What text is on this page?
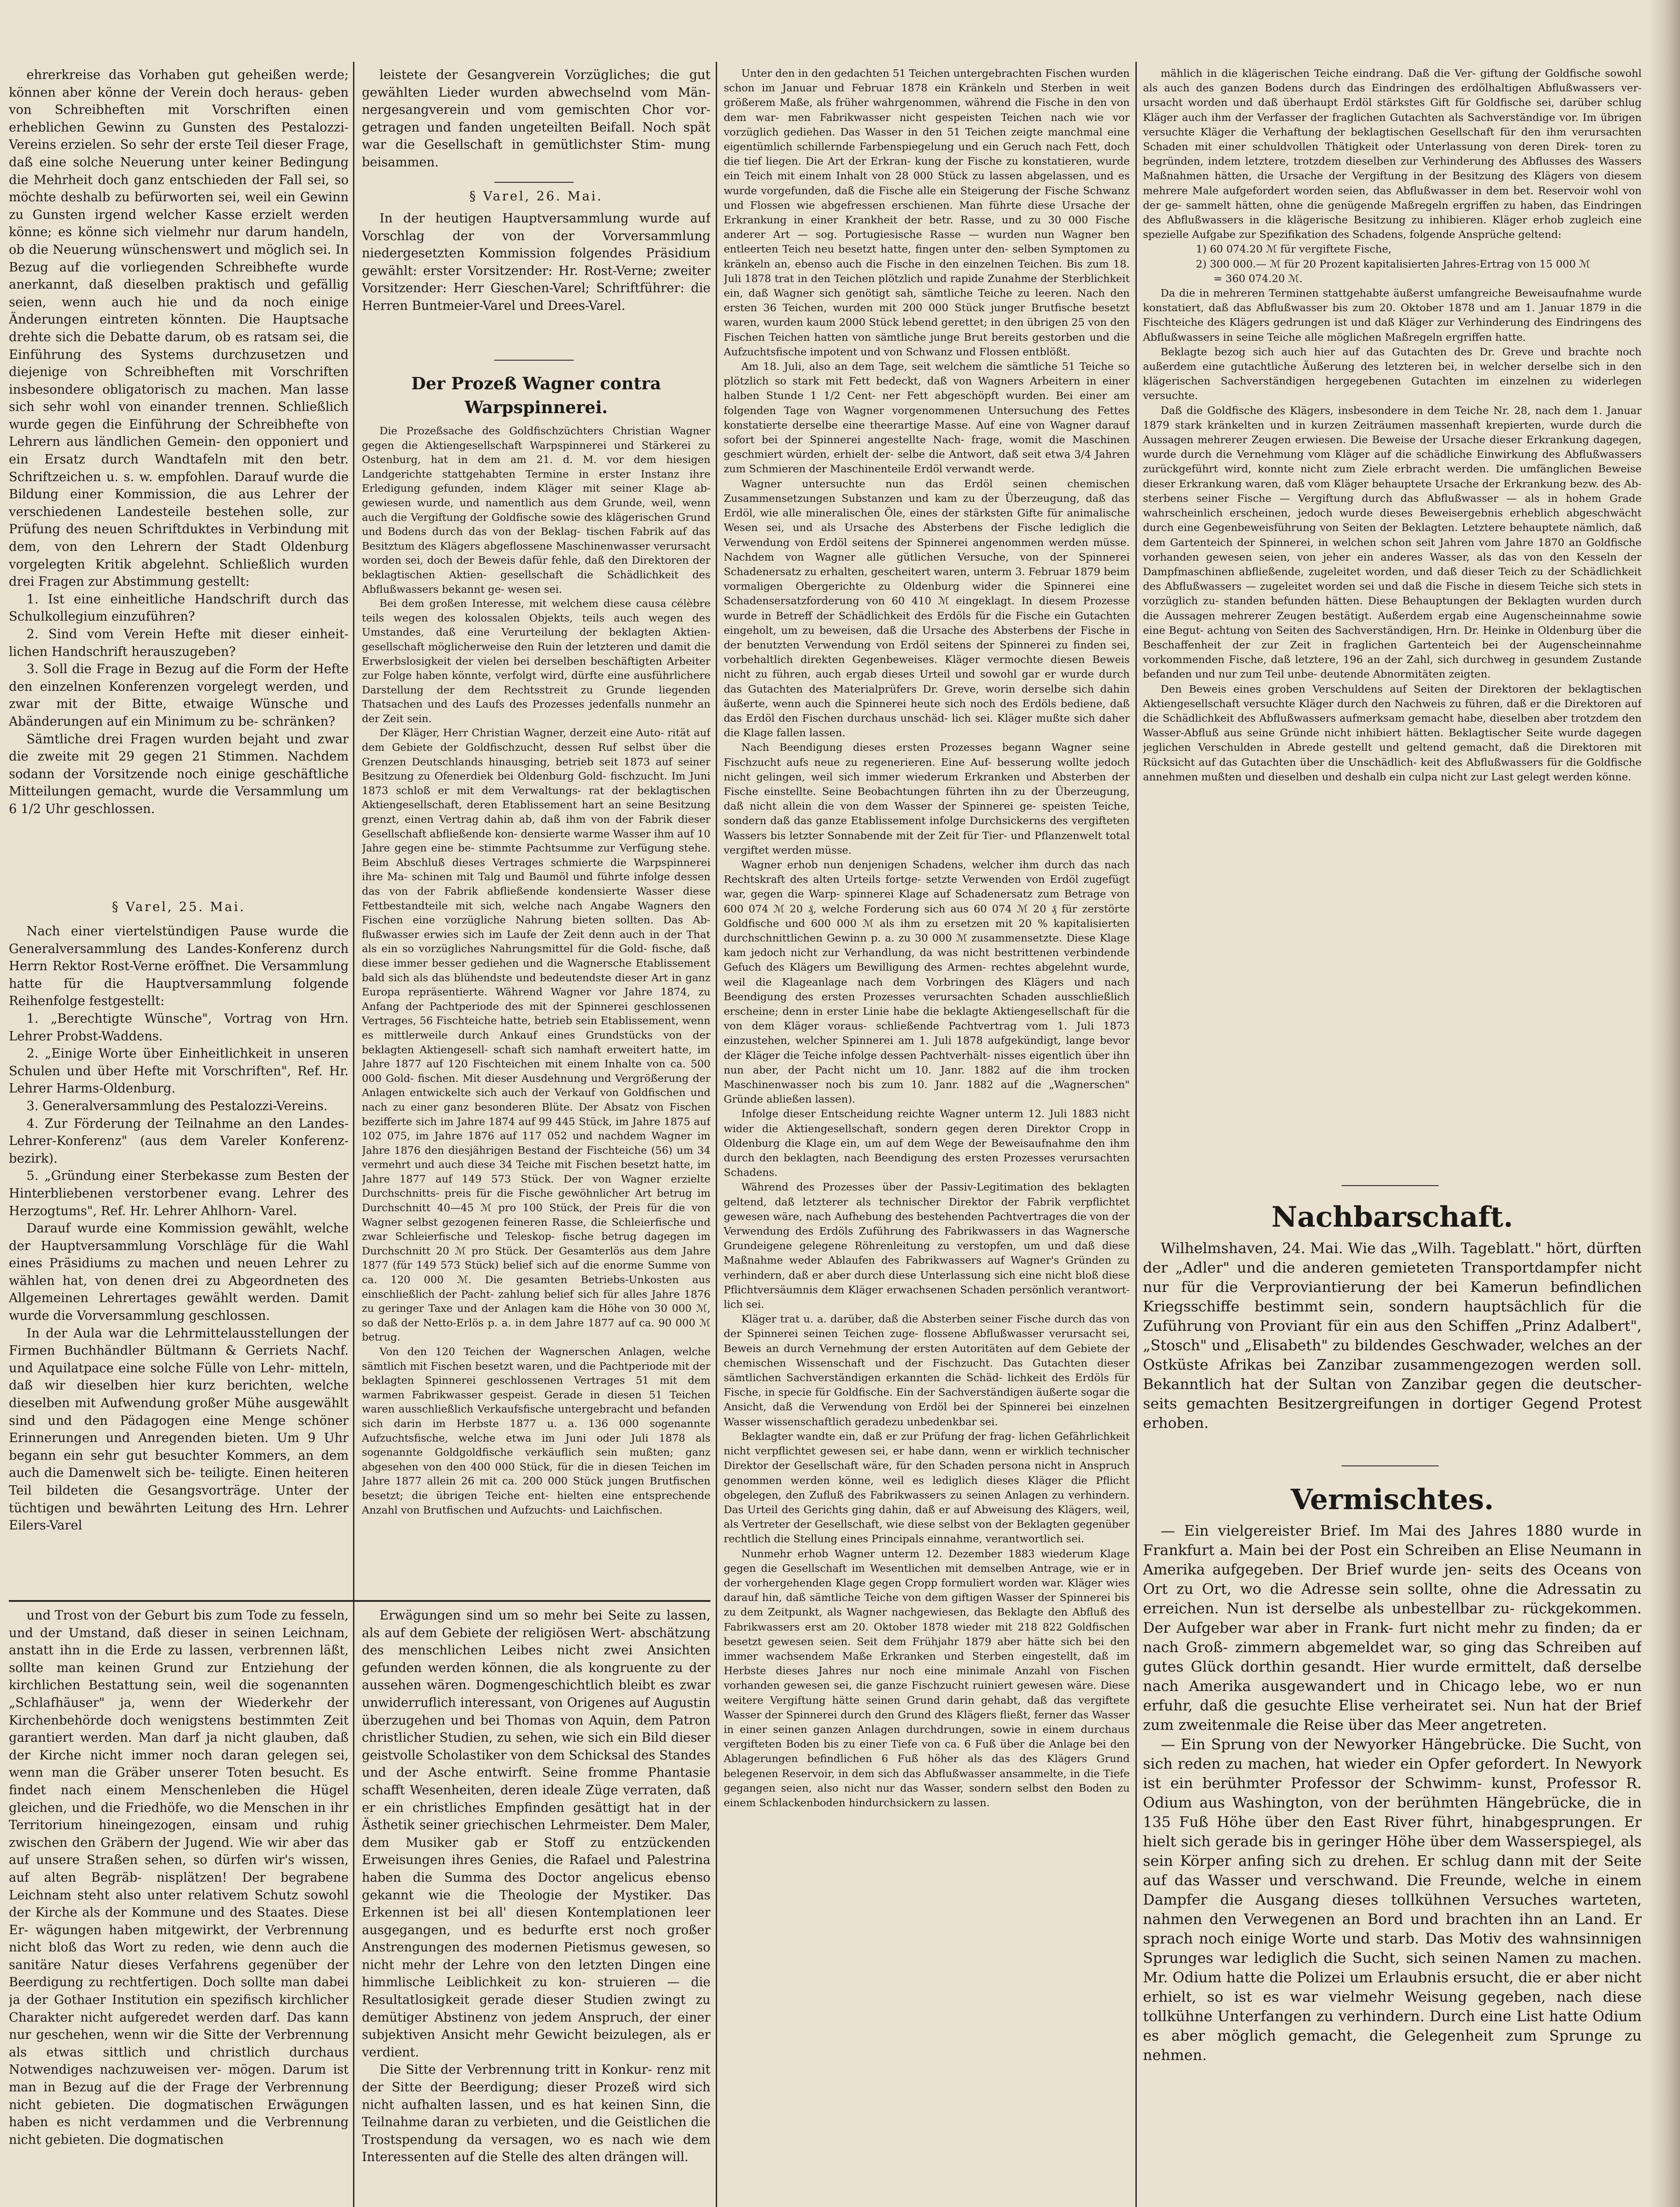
ehrerkreise das Vorhaben gut geheißen werde; können aber könne der Verein doch heraus- geben von Schreibheften mit Vorschriften einen erheblichen Gewinn zu Gunsten des Pestalozzi- Vereins erzielen. So sehr der erste Teil dieser Frage, daß eine solche Neuerung unter keiner Bedingung die Mehrheit doch ganz entschieden der Fall sei, so möchte deshalb zu befürworten sei, weil ein Gewinn zu Gunsten irgend welcher Kasse erzielt werden könne; es könne sich vielmehr nur darum handeln, ob die Neuerung wünschenswert und möglich sei. In Bezug auf die vorliegenden Schreibhefte wurde anerkannt, daß dieselben praktisch und gefällig seien, wenn auch hie und da noch einige Änderungen eintreten könnten. Die Hauptsache drehte sich die Debatte darum, ob es ratsam sei, die Einführung des Systems durchzusetzen und diejenige von Schreibheften mit Vorschriften insbesondere obligatorisch zu machen. Man lasse sich sehr wohl von einander trennen. Schließlich wurde gegen die Einführung der Schreibhefte von Lehrern aus ländlichen Gemein- den opponiert und ein Ersatz durch Wandtafeln mit den betr. Schriftzeichen u. s. w. empfohlen. Darauf wurde die Bildung einer Kommission, die aus Lehrer der verschiedenen Landesteile bestehen solle, zur Prüfung des neuen Schriftduktes in Verbindung mit dem, von den Lehrern der Stadt Oldenburg vorgelegten Kritik abgelehnt. Schließlich wurden drei Fragen zur Abstimmung gestellt:

1. Ist eine einheitliche Handschrift durch das Schulkollegium einzuführen?

2. Sind vom Verein Hefte mit dieser einheit- lichen Handschrift herauszugeben?

3. Soll die Frage in Bezug auf die Form der Hefte den einzelnen Konferenzen vorgelegt werden, und zwar mit der Bitte, etwaige Wünsche und Abänderungen auf ein Minimum zu be- schränken?

Sämtliche drei Fragen wurden bejaht und zwar die zweite mit 29 gegen 21 Stimmen. Nachdem sodann der Vorsitzende noch einige geschäftliche Mitteilungen gemacht, wurde die Versammlung um 6 1/2 Uhr geschlossen.

§ Varel, 25. Mai.

Nach einer viertelstündigen Pause wurde die Generalversammlung des Landes-Konferenz durch Herrn Rektor Rost-Verne eröffnet. Die Versammlung hatte für die Hauptversammlung folgende Reihenfolge festgestellt:

1. „Berechtigte Wünsche", Vortrag von Hrn. Lehrer Probst-Waddens.

2. „Einige Worte über Einheitlichkeit in unseren Schulen und über Hefte mit Vorschriften", Ref. Hr. Lehrer Harms-Oldenburg.

3. Generalversammlung des Pestalozzi-Vereins.

4. Zur Förderung der Teilnahme an den Landes- Lehrer-Konferenz" (aus dem Vareler Konferenz- bezirk).

5. „Gründung einer Sterbekasse zum Besten der Hinterbliebenen verstorbener evang. Lehrer des Herzogtums", Ref. Hr. Lehrer Ahlhorn- Varel.

Darauf wurde eine Kommission gewählt, welche der Hauptversammlung Vorschläge für die Wahl eines Präsidiums zu machen und neuen Lehrer zu wählen hat, von denen drei zu Abgeordneten des Allgemeinen Lehrertages gewählt werden. Damit wurde die Vorversammlung geschlossen.

In der Aula war die Lehrmittelausstellungen der Firmen Buchhändler Bültmann & Gerriets Nachf. und Aquilatpace eine solche Fülle von Lehr- mitteln, daß wir dieselben hier kurz berichten, welche dieselben mit Aufwendung großer Mühe ausgewählt sind und den Pädagogen eine Menge schöner Erinnerungen und Anregenden bieten. Um 9 Uhr begann ein sehr gut besuchter Kommers, an dem auch die Damenwelt sich be- teiligte. Einen heiteren Teil bildeten die Gesangsvorträge. Unter der tüchtigen und bewährten Leitung des Hrn. Lehrer Eilers-Varel

und Trost von der Geburt bis zum Tode zu fesseln, und der Umstand, daß dieser in seinen Leichnam, anstatt ihn in die Erde zu lassen, verbrennen läßt, sollte man keinen Grund zur Entziehung der kirchlichen Bestattung sein, weil die sogenannten „Schlafhäuser" ja, wenn der Wiederkehr der Kirchenbehörde doch wenigstens bestimmten Zeit garantiert werden. Man darf ja nicht glauben, daß der Kirche nicht immer noch daran gelegen sei, wenn man die Gräber unserer Toten besucht. Es findet nach einem Menschenleben die Hügel gleichen, und die Friedhöfe, wo die Menschen in ihr Territorium hineingezogen, einsam und ruhig zwischen den Gräbern der Jugend. Wie wir aber das auf unsere Straßen sehen, so dürfen wir's wissen, auf alten Begräb- nisplätzen! Der begrabene Leichnam steht also unter relativem Schutz sowohl der Kirche als der Kommune und des Staates. Diese Er- wägungen haben mitgewirkt, der Verbrennung nicht bloß das Wort zu reden, wie denn auch die sanitäre Natur dieses Verfahrens gegenüber der Beerdigung zu rechtfertigen. Doch sollte man dabei ja der Gothaer Institution ein spezifisch kirchlicher Charakter nicht aufgeredet werden darf. Das kann nur geschehen, wenn wir die Sitte der Verbrennung als etwas sittlich und christlich durchaus Notwendiges nachzuweisen ver- mögen. Darum ist man in Bezug auf die der Frage der Verbrennung nicht gebieten. Die dogmatischen Erwägungen haben es nicht verdammen und die Verbrennung nicht gebieten. Die dogmatischen

leistete der Gesangverein Vorzügliches; die gut gewählten Lieder wurden abwechselnd vom Män- nergesangverein und vom gemischten Chor vor- getragen und fanden ungeteilten Beifall. Noch spät war die Gesellschaft in gemütlichster Stim- mung beisammen.

§ Varel, 26. Mai.

In der heutigen Hauptversammlung wurde auf Vorschlag der von der Vorversammlung niedergesetzten Kommission folgendes Präsidium gewählt: erster Vorsitzender: Hr. Rost-Verne; zweiter Vorsitzender: Herr Gieschen-Varel; Schriftführer: die Herren Buntmeier-Varel und Drees-Varel.

Der Prozeß Wagner contra Warpspinnerei.

Die Prozeßsache des Goldfischzüchters Christian Wagner gegen die Aktiengesellschaft Warpspinnerei und Stärkerei zu Ostenburg, hat in dem am 21. d. M. vor dem hiesigen Landgerichte stattgehabten Termine in erster Instanz ihre Erledigung gefunden, indem Kläger mit seiner Klage ab- gewiesen wurde, und namentlich aus dem Grunde, weil, wenn auch die Vergiftung der Goldfische sowie des klägerischen Grund und Bodens durch das von der Beklag- tischen Fabrik auf das Besitztum des Klägers abgeflossene Maschinenwasser verursacht worden sei, doch der Beweis dafür fehle, daß den Direktoren der beklagtischen Aktien- gesellschaft die Schädlichkeit des Abflußwassers bekannt ge- wesen sei.

Bei dem großen Interesse, mit welchem diese causa célèbre teils wegen des kolossalen Objekts, teils auch wegen des Umstandes, daß eine Verurteilung der beklagten Aktien- gesellschaft möglicherweise den Ruin der letzteren und damit die Erwerbslosigkeit der vielen bei derselben beschäftigten Arbeiter zur Folge haben könnte, verfolgt wird, dürfte eine ausführlichere Darstellung der dem Rechtsstreit zu Grunde liegenden Thatsachen und des Laufs des Prozesses jedenfalls nunmehr an der Zeit sein.

Der Kläger, Herr Christian Wagner, derzeit eine Auto- rität auf dem Gebiete der Goldfischzucht, dessen Ruf selbst über die Grenzen Deutschlands hinausging, betrieb seit 1873 auf seiner Besitzung zu Ofenerdiek bei Oldenburg Gold- fischzucht. Im Juni 1873 schloß er mit dem Verwaltungs- rat der beklagtischen Aktiengesellschaft, deren Etablissement hart an seine Besitzung grenzt, einen Vertrag dahin ab, daß ihm von der Fabrik dieser Gesellschaft abfließende kon- densierte warme Wasser ihm auf 10 Jahre gegen eine be- stimmte Pachtsumme zur Verfügung stehe. Beim Abschluß dieses Vertrages schmierte die Warpspinnerei ihre Ma- schinen mit Talg und Baumöl und führte infolge dessen das von der Fabrik abfließende kondensierte Wasser diese Fettbestandteile mit sich, welche nach Angabe Wagners den Fischen eine vorzügliche Nahrung bieten sollten. Das Ab- flußwasser erwies sich im Laufe der Zeit denn auch in der That als ein so vorzügliches Nahrungsmittel für die Gold- fische, daß diese immer besser gediehen und die Wagnersche Etablissement bald sich als das blühendste und bedeutendste dieser Art in ganz Europa repräsentierte. Während Wagner vor Jahre 1874, zu Anfang der Pachtperiode des mit der Spinnerei geschlossenen Vertrages, 56 Fischteiche hatte, betrieb sein Etablissement, wenn es mittlerweile durch Ankauf eines Grundstücks von der beklagten Aktiengesell- schaft sich namhaft erweitert hatte, im Jahre 1877 auf 120 Fischteichen mit einem Inhalte von ca. 500 000 Gold- fischen. Mit dieser Ausdehnung und Vergrößerung der Anlagen entwickelte sich auch der Verkauf von Goldfischen und nach zu einer ganz besonderen Blüte. Der Absatz von Fischen bezifferte sich im Jahre 1874 auf 99 445 Stück, im Jahre 1875 auf 102 075, im Jahre 1876 auf 117 052 und nachdem Wagner im Jahre 1876 den diesjährigen Bestand der Fischteiche (56) um 34 vermehrt und auch diese 34 Teiche mit Fischen besetzt hatte, im Jahre 1877 auf 149 573 Stück. Der von Wagner erzielte Durchschnitts- preis für die Fische gewöhnlicher Art betrug im Durchschnitt 40—45 ℳ pro 100 Stück, der Preis für die von Wagner selbst gezogenen feineren Rasse, die Schleierfische und zwar Schleierfische und Teleskop- fische betrug dagegen im Durchschnitt 20 ℳ pro Stück. Der Gesamterlös aus dem Jahre 1877 (für 149 573 Stück) belief sich auf die enorme Summe von ca. 120 000 ℳ. Die gesamten Betriebs-Unkosten aus einschließlich der Pacht- zahlung belief sich für alles Jahre 1876 zu geringer Taxe und der Anlagen kam die Höhe von 30 000 ℳ, so daß der Netto-Erlös p. a. in dem Jahre 1877 auf ca. 90 000 ℳ betrug.

Von den 120 Teichen der Wagnerschen Anlagen, welche sämtlich mit Fischen besetzt waren, und die Pachtperiode mit der beklagten Spinnerei geschlossenen Vertrages 51 mit dem warmen Fabrikwasser gespeist. Gerade in diesen 51 Teichen waren ausschließlich Verkaufsfische untergebracht und befanden sich darin im Herbste 1877 u. a. 136 000 sogenannte Aufzuchtsfische, welche etwa im Juni oder Juli 1878 als sogenannte Goldgoldfische verkäuflich sein mußten; ganz abgesehen von den 400 000 Stück, für die in diesen Teichen im Jahre 1877 allein 26 mit ca. 200 000 Stück jungen Brutfischen besetzt; die übrigen Teiche ent- hielten eine entsprechende Anzahl von Brutfischen und Aufzuchts- und Laichfischen.

Erwägungen sind um so mehr bei Seite zu lassen, als auf dem Gebiete der religiösen Wert- abschätzung des menschlichen Leibes nicht zwei Ansichten gefunden werden können, die als kongruente zu der aussehen wären. Dogmengeschichtlich bleibt es zwar unwiderruflich interessant, von Origenes auf Augustin überzugehen und bei Thomas von Aquin, dem Patron christlicher Studien, zu sehen, wie sich ein Bild dieser geistvolle Scholastiker von dem Schicksal des Standes und der Asche entwirft. Seine fromme Phantasie schafft Wesenheiten, deren ideale Züge verraten, daß er ein christliches Empfinden gesättigt hat in der Ästhetik seiner griechischen Lehrmeister. Dem Maler, dem Musiker gab er Stoff zu entzückenden Erweisungen ihres Genies, die Rafael und Palestrina haben die Summa des Doctor angelicus ebenso gekannt wie die Theologie der Mystiker. Das Erkennen ist bei all' diesen Kontemplationen leer ausgegangen, und es bedurfte erst noch großer Anstrengungen des modernen Pietismus gewesen, so nicht mehr der Lehre von den letzten Dingen eine himmlische Leiblichkeit zu kon- struieren — die Resultatlosigkeit gerade dieser Studien zwingt zu demütiger Abstinenz von jedem Anspruch, der einer subjektiven Ansicht mehr Gewicht beizulegen, als er verdient.

Die Sitte der Verbrennung tritt in Konkur- renz mit der Sitte der Beerdigung; dieser Prozeß wird sich nicht aufhalten lassen, und es hat keinen Sinn, die Teilnahme daran zu verbieten, und die Geistlichen die Trostspendung da versagen, wo es nach wie dem Interessenten auf die Stelle des alten drängen will.

Unter den in den gedachten 51 Teichen untergebrachten Fischen wurden schon im Januar und Februar 1878 ein Kränkeln und Sterben in weit größerem Maße, als früher wahrgenommen, während die Fische in den von dem war- men Fabrikwasser nicht gespeisten Teichen nach wie vor vorzüglich gediehen. Das Wasser in den 51 Teichen zeigte manchmal eine eigentümlich schillernde Farbenspiegelung und ein Geruch nach Fett, doch die tief liegen. Die Art der Erkran- kung der Fische zu konstatieren, wurde ein Teich mit einem Inhalt von 28 000 Stück zu lassen abgelassen, und es wurde vorgefunden, daß die Fische alle ein Steigerung der Fische Schwanz und Flossen wie abgefressen erschienen. Man führte diese Ursache der Erkrankung in einer Krankheit der betr. Rasse, und zu 30 000 Fische anderer Art — sog. Portugiesische Rasse — wurden nun Wagner ben entleerten Teich neu besetzt hatte, fingen unter den- selben Symptomen zu kränkeln an, ebenso auch die Fische in den einzelnen Teichen. Bis zum 18. Juli 1878 trat in den Teichen plötzlich und rapide Zunahme der Sterblichkeit ein, daß Wagner sich genötigt sah, sämtliche Teiche zu leeren. Nach den ersten 36 Teichen, wurden mit 200 000 Stück junger Brutfische besetzt waren, wurden kaum 2000 Stück lebend gerettet; in den übrigen 25 von den Fischen Teichen hatten von sämtliche junge Brut bereits gestorben und die Aufzuchtsfische impotent und von Schwanz und Flossen entblößt.

Am 18. Juli, also an dem Tage, seit welchem die sämtliche 51 Teiche so plötzlich so stark mit Fett bedeckt, daß von Wagners Arbeitern in einer halben Stunde 1 1/2 Cent- ner Fett abgeschöpft wurden. Bei einer am folgenden Tage von Wagner vorgenommenen Untersuchung des Fettes konstatierte derselbe eine theerartige Masse. Auf eine von Wagner darauf sofort bei der Spinnerei angestellte Nach- frage, womit die Maschinen geschmiert würden, erhielt der- selbe die Antwort, daß seit etwa 3/4 Jahren zum Schmieren der Maschinenteile Erdöl verwandt werde.

Wagner untersuchte nun das Erdöl seinen chemischen Zusammensetzungen Substanzen und kam zu der Überzeugung, daß das Erdöl, wie alle mineralischen Öle, eines der stärksten Gifte für animalische Wesen sei, und als Ursache des Absterbens der Fische lediglich die Verwendung von Erdöl seitens der Spinnerei angenommen werden müsse. Nachdem von Wagner alle gütlichen Versuche, von der Spinnerei Schadenersatz zu erhalten, gescheitert waren, unterm 3. Februar 1879 beim vormaligen Obergerichte zu Oldenburg wider die Spinnerei eine Schadensersatzforderung von 60 410 ℳ eingeklagt. In diesem Prozesse wurde in Betreff der Schädlichkeit des Erdöls für die Fische ein Gutachten eingeholt, um zu beweisen, daß die Ursache des Absterbens der Fische in der benutzten Verwendung von Erdöl seitens der Spinnerei zu finden sei, vorbehaltlich direkten Gegenbeweises. Kläger vermochte diesen Beweis nicht zu führen, auch ergab dieses Urteil und sowohl gar er wurde durch das Gutachten des Materialprüfers Dr. Greve, worin derselbe sich dahin äußerte, wenn auch die Spinnerei heute sich noch des Erdöls bediene, daß das Erdöl den Fischen durchaus unschäd- lich sei. Kläger mußte sich daher die Klage fallen lassen.

Nach Beendigung dieses ersten Prozesses begann Wagner seine Fischzucht aufs neue zu regenerieren. Eine Auf- besserung wollte jedoch nicht gelingen, weil sich immer wiederum Erkranken und Absterben der Fische einstellte. Seine Beobachtungen führten ihn zu der Überzeugung, daß nicht allein die von dem Wasser der Spinnerei ge- speisten Teiche, sondern daß das ganze Etablissement infolge Durchsickerns des vergifteten Wassers bis letzter Sonnabende mit der Zeit für Tier- und Pflanzenwelt total vergiftet werden müsse.

Wagner erhob nun denjenigen Schadens, welcher ihm durch das nach Rechtskraft des alten Urteils fortge- setzte Verwenden von Erdöl zugefügt war, gegen die Warp- spinnerei Klage auf Schadenersatz zum Betrage von 600 074 ℳ 20 ₰, welche Forderung sich aus 60 074 ℳ 20 ₰ für zerstörte Goldfische und 600 000 ℳ als ihm zu ersetzen mit 20 % kapitalisierten durchschnittlichen Gewinn p. a. zu 30 000 ℳ zusammensetzte. Diese Klage kam jedoch nicht zur Verhandlung, da was nicht bestrittenen verbindende Gefuch des Klägers um Bewilligung des Armen- rechtes abgelehnt wurde, weil die Klageanlage nach dem Vorbringen des Klägers und nach Beendigung des ersten Prozesses verursachten Schaden ausschließlich erscheine; denn in erster Linie habe die beklagte Aktiengesellschaft für die von dem Kläger voraus- schließende Pachtvertrag vom 1. Juli 1873 einzustehen, welcher Spinnerei am 1. Juli 1878 aufgekündigt, lange bevor der Kläger die Teiche infolge dessen Pachtverhält- nisses eigentlich über ihn nun aber, der Pacht nicht um 10. Janr. 1882 auf die ihm trocken Maschinenwasser noch bis zum 10. Janr. 1882 auf die „Wagnerschen" Gründe abließen lassen).

Infolge dieser Entscheidung reichte Wagner unterm 12. Juli 1883 nicht wider die Aktiengesellschaft, sondern gegen deren Direktor Cropp in Oldenburg die Klage ein, um auf dem Wege der Beweisaufnahme den ihm durch den beklagten, nach Beendigung des ersten Prozesses verursachten Schadens.

Während des Prozesses über der Passiv-Legitimation des beklagten geltend, daß letzterer als technischer Direktor der Fabrik verpflichtet gewesen wäre, nach Aufhebung des bestehenden Pachtvertrages die von der Verwendung des Erdöls Zuführung des Fabrikwassers in das Wagnersche Grundeigene gelegene Röhrenleitung zu verstopfen, um und daß diese Maßnahme weder Ablaufen des Fabrikwassers auf Wagner's Gründen zu verhindern, daß er aber durch diese Unterlassung sich eine nicht bloß diese Pflichtversäumnis dem Kläger erwachsenen Schaden persönlich verantwort- lich sei.

Kläger trat u. a. darüber, daß die Absterben seiner Fische durch das von der Spinnerei seinen Teichen zuge- flossene Abflußwasser verursacht sei, Beweis an durch Vernehmung der ersten Autoritäten auf dem Gebiete der chemischen Wissenschaft und der Fischzucht. Das Gutachten dieser sämtlichen Sachverständigen erkannten die Schäd- lichkeit des Erdöls für Fische, in specie für Goldfische. Ein der Sachverständigen äußerte sogar die Ansicht, daß die Verwendung von Erdöl bei der Spinnerei bei einzelnen Wasser wissenschaftlich geradezu unbedenkbar sei.

Beklagter wandte ein, daß er zur Prüfung der frag- lichen Gefährlichkeit nicht verpflichtet gewesen sei, er habe dann, wenn er wirklich technischer Direktor der Gesellschaft wäre, für den Schaden persona nicht in Anspruch genommen werden könne, weil es lediglich dieses Kläger die Pflicht obgelegen, den Zufluß des Fabrikwassers zu seinen Anlagen zu verhindern. Das Urteil des Gerichts ging dahin, daß er auf Abweisung des Klägers, weil, als Vertreter der Gesellschaft, wie diese selbst von der Beklagten gegenüber rechtlich die Stellung eines Principals einnahme, verantwortlich sei.

Nunmehr erhob Wagner unterm 12. Dezember 1883 wiederum Klage gegen die Gesellschaft im Wesentlichen mit demselben Antrage, wie er in der vorhergehenden Klage gegen Cropp formuliert worden war. Kläger wies darauf hin, daß sämtliche Teiche von dem giftigen Wasser der Spinnerei bis zu dem Zeitpunkt, als Wagner nachgewiesen, das Beklagte den Abfluß des Fabrikwassers erst am 20. Oktober 1878 wieder mit 218 822 Goldfischen besetzt gewesen seien. Seit dem Frühjahr 1879 aber hätte sich bei den immer wachsendem Maße Erkranken und Sterben eingestellt, daß im Herbste dieses Jahres nur noch eine minimale Anzahl von Fischen vorhanden gewesen sei, die ganze Fischzucht ruiniert gewesen wäre. Diese weitere Vergiftung hätte seinen Grund darin gehabt, daß das vergiftete Wasser der Spinnerei durch den Grund des Klägers fließt, ferner das Wasser in einer seinen ganzen Anlagen durchdrungen, sowie in einem durchaus vergifteten Boden bis zu einer Tiefe von ca. 6 Fuß über die Anlage bei den Ablagerungen befindlichen 6 Fuß höher als das des Klägers Grund belegenen Reservoir, in dem sich das Abflußwasser ansammelte, in die Tiefe gegangen seien, also nicht nur das Wasser, sondern selbst den Boden zu einem Schlackenboden hindurchsickern zu lassen.

mählich in die klägerischen Teiche eindrang. Daß die Ver- giftung der Goldfische sowohl als auch des ganzen Bodens durch das Eindringen des erdölhaltigen Abflußwassers ver- ursacht worden und daß überhaupt Erdöl stärkstes Gift für Goldfische sei, darüber schlug Kläger auch ihm der Verfasser der fraglichen Gutachten als Sachverständige vor. Im übrigen versuchte Kläger die Verhaftung der beklagtischen Gesellschaft für den ihm verursachten Schaden mit einer schuldvollen Thätigkeit oder Unterlassung von deren Direk- toren zu begründen, indem letztere, trotzdem dieselben zur Verhinderung des Abflusses des Wassers Maßnahmen hätten, die Ursache der Vergiftung in der Besitzung des Klägers von diesem mehrere Male aufgefordert worden seien, das Abflußwasser in dem bet. Reservoir wohl von der ge- sammelt hätten, ohne die genügende Maßregeln ergriffen zu haben, das Eindringen des Abflußwassers in die klägerische Besitzung zu inhibieren. Kläger erhob zugleich eine spezielle Aufgabe zur Spezifikation des Schadens, folgende Ansprüche geltend:

1) 60 074.20 ℳ für vergiftete Fische,

2) 300 000.— ℳ für 20 Prozent kapitalisierten Jahres-Ertrag von 15 000 ℳ

= 360 074.20 ℳ.

Da die in mehreren Terminen stattgehabte äußerst umfangreiche Beweisaufnahme wurde konstatiert, daß das Abflußwasser bis zum 20. Oktober 1878 und am 1. Januar 1879 in die Fischteiche des Klägers gedrungen ist und daß Kläger zur Verhinderung des Eindringens des Abflußwassers in seine Teiche alle möglichen Maßregeln ergriffen hatte.

Beklagte bezog sich auch hier auf das Gutachten des Dr. Greve und brachte noch außerdem eine gutachtliche Äußerung des letzteren bei, in welcher derselbe sich in den klägerischen Sachverständigen hergegebenen Gutachten im einzelnen zu widerlegen versuchte.

Daß die Goldfische des Klägers, insbesondere in dem Teiche Nr. 28, nach dem 1. Januar 1879 stark kränkelten und in kurzen Zeiträumen massenhaft krepierten, wurde durch die Aussagen mehrerer Zeugen erwiesen. Die Beweise der Ursache dieser Erkrankung dagegen, wurde durch die Vernehmung vom Kläger auf die schädliche Einwirkung des Abflußwassers zurückgeführt wird, konnte nicht zum Ziele erbracht werden. Die umfänglichen Beweise dieser Erkrankung waren, daß vom Kläger behauptete Ursache der Erkrankung bezw. des Ab- sterbens seiner Fische — Vergiftung durch das Abflußwasser — als in hohem Grade wahrscheinlich erscheinen, jedoch wurde dieses Beweisergebnis erheblich abgeschwächt durch eine Gegenbeweisführung von Seiten der Beklagten. Letztere behauptete nämlich, daß dem Gartenteich der Spinnerei, in welchen schon seit Jahren vom Jahre 1870 an Goldfische vorhanden gewesen seien, von jeher ein anderes Wasser, als das von den Kesseln der Dampfmaschinen abfließende, zugeleitet worden, und daß dieser Teich zu der Schädlichkeit des Abflußwassers — zugeleitet worden sei und daß die Fische in diesem Teiche sich stets in vorzüglich zu- standen befunden hätten. Diese Behauptungen der Beklagten wurden durch die Aussagen mehrerer Zeugen bestätigt. Außerdem ergab eine Augenscheinnahme sowie eine Begut- achtung von Seiten des Sachverständigen, Hrn. Dr. Heinke in Oldenburg über die Beschaffenheit der zur Zeit in fraglichen Gartenteich bei der Augenscheinnahme vorkommenden Fische, daß letztere, 196 an der Zahl, sich durchweg in gesundem Zustande befanden und nur zum Teil unbe- deutende Abnormitäten zeigten.

Den Beweis eines groben Verschuldens auf Seiten der Direktoren der beklagtischen Aktiengesellschaft versuchte Kläger durch den Nachweis zu führen, daß er die Direktoren auf die Schädlichkeit des Abflußwassers aufmerksam gemacht habe, dieselben aber trotzdem den Wasser-Abfluß aus seine Gründe nicht inhibiert hätten. Beklagtischer Seite wurde dagegen jeglichen Verschulden in Abrede gestellt und geltend gemacht, daß die Direktoren mit Rücksicht auf das Gutachten über die Unschädlich- keit des Abflußwassers für die Goldfische annehmen mußten und dieselben und deshalb ein culpa nicht zur Last gelegt werden könne.

Nachbarschaft.

Wilhelmshaven, 24. Mai. Wie das „Wilh. Tageblatt." hört, dürften der „Adler" und die anderen gemieteten Transportdampfer nicht nur für die Verproviantierung der bei Kamerun befindlichen Kriegsschiffe bestimmt sein, sondern hauptsächlich für die Zuführung von Proviant für ein aus den Schiffen „Prinz Adalbert", „Stosch" und „Elisabeth" zu bildendes Geschwader, welches an der Ostküste Afrikas bei Zanzibar zusammengezogen werden soll. Bekanntlich hat der Sultan von Zanzibar gegen die deutscher- seits gemachten Besitzergreifungen in dortiger Gegend Protest erhoben.

Vermischtes.

— Ein vielgereister Brief. Im Mai des Jahres 1880 wurde in Frankfurt a. Main bei der Post ein Schreiben an Elise Neumann in Amerika aufgegeben. Der Brief wurde jen- seits des Oceans von Ort zu Ort, wo die Adresse sein sollte, ohne die Adressatin zu erreichen. Nun ist derselbe als unbestellbar zu- rückgekommen. Der Aufgeber war aber in Frank- furt nicht mehr zu finden; da er nach Groß- zimmern abgemeldet war, so ging das Schreiben auf gutes Glück dorthin gesandt. Hier wurde ermittelt, daß derselbe nach Amerika ausgewandert und in Chicago lebe, wo er nun erfuhr, daß die gesuchte Elise verheiratet sei. Nun hat der Brief zum zweitenmale die Reise über das Meer angetreten.

— Ein Sprung von der Newyorker Hängebrücke. Die Sucht, von sich reden zu machen, hat wieder ein Opfer gefordert. In Newyork ist ein berühmter Professor der Schwimm- kunst, Professor R. Odium aus Washington, von der berühmten Hängebrücke, die in 135 Fuß Höhe über den East River führt, hinabgesprungen. Er hielt sich gerade bis in geringer Höhe über dem Wasserspiegel, als sein Körper anfing sich zu drehen. Er schlug dann mit der Seite auf das Wasser und verschwand. Die Freunde, welche in einem Dampfer die Ausgang dieses tollkühnen Versuches warteten, nahmen den Verwegenen an Bord und brachten ihn an Land. Er sprach noch einige Worte und starb. Das Motiv des wahnsinnigen Sprunges war lediglich die Sucht, sich seinen Namen zu machen. Mr. Odium hatte die Polizei um Erlaubnis ersucht, die er aber nicht erhielt, so ist es war vielmehr Weisung gegeben, nach diese tollkühne Unterfangen zu verhindern. Durch eine List hatte Odium es aber möglich gemacht, die Gelegenheit zum Sprunge zu nehmen.
